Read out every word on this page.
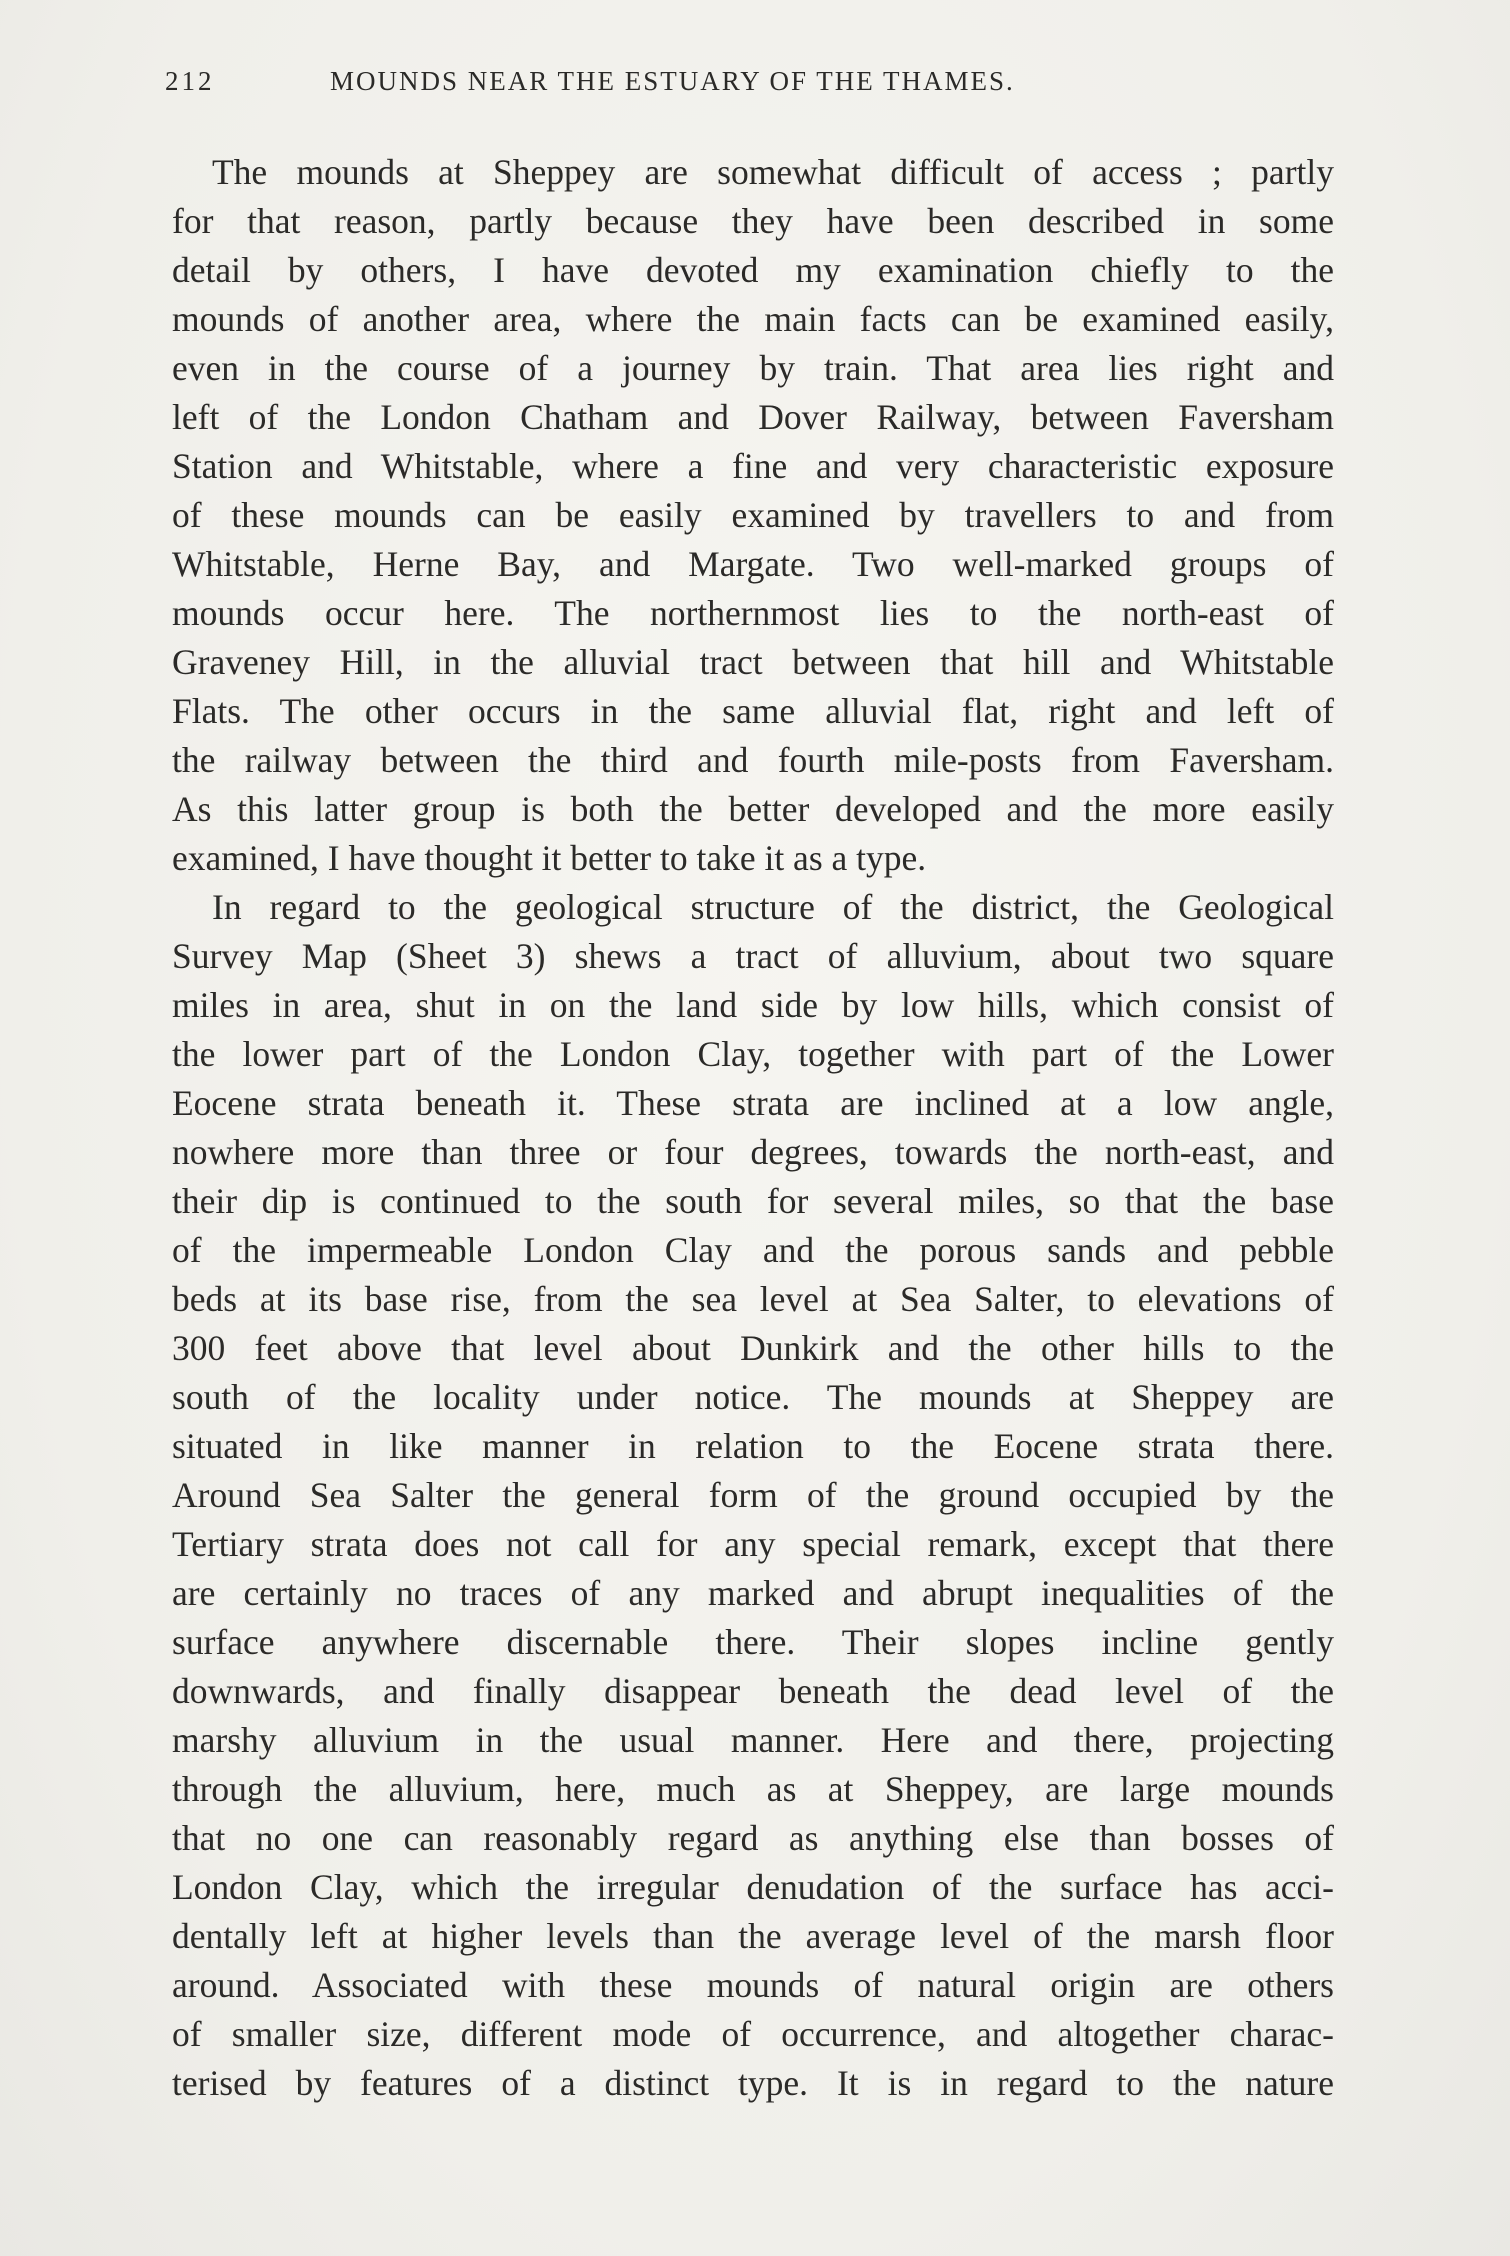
212	MOUNDS NEAR THE ESTUARY OF THE THAMES.
The mounds at Sheppey are somewhat difficult of access ; partly
for that reason, partly because they have been described in some
detail by others, I have devoted my examination chiefly to the
mounds of another area, where the main facts can be examined easily,
even in the course of a journey by train. That area lies right and
left of the London Chatham and Dover Railway, between Faversham
Station and Whitstable, where a fine and very characteristic exposure
of these mounds can be easily examined by travellers to and from
Whitstable, Herne Bay, and Margate. Two well-marked groups of
mounds occur here. The northernmost lies to the north-east of
Graveney Hill, in the alluvial tract between that hill and Whitstable
Flats. The other occurs in the same alluvial flat, right and left of
the railway between the third and fourth mile-posts from Faversham.
As this latter group is both the better developed and the more easily
examined, I have thought it better to take it as a type.
In regard to the geological structure of the district, the Geological
Survey Map (Sheet 3) shews a tract of alluvium, about two square
miles in area, shut in on the land side by low hills, which consist of
the lower part of the London Clay, together with part of the Lower
Eocene strata beneath it. These strata are inclined at a low angle,
nowhere more than three or four degrees, towards the north-east, and
their dip is continued to the south for several miles, so that the base
of the impermeable London Clay and the porous sands and pebble
beds at its base rise, from the sea level at Sea Salter, to elevations of
300 feet above that level about Dunkirk and the other hills to the
south of the locality under notice. The mounds at Sheppey are
situated in like manner in relation to the Eocene strata there.
Around Sea Salter the general form of the ground occupied by the
Tertiary strata does not call for any special remark, except that there
are certainly no traces of any marked and abrupt inequalities of the
surface anywhere discernable there. Their slopes incline gently
downwards, and finally disappear beneath the dead level of the
marshy alluvium in the usual manner. Here and there, projecting
through the alluvium, here, much as at Sheppey, are large mounds
that no one can reasonably regard as anything else than bosses of
London Clay, which the irregular denudation of the surface has acci-
dentally left at higher levels than the average level of the marsh floor
around. Associated with these mounds of natural origin are others
of smaller size, different mode of occurrence, and altogether charac-
terised by features of a distinct type. It is in regard to the nature
